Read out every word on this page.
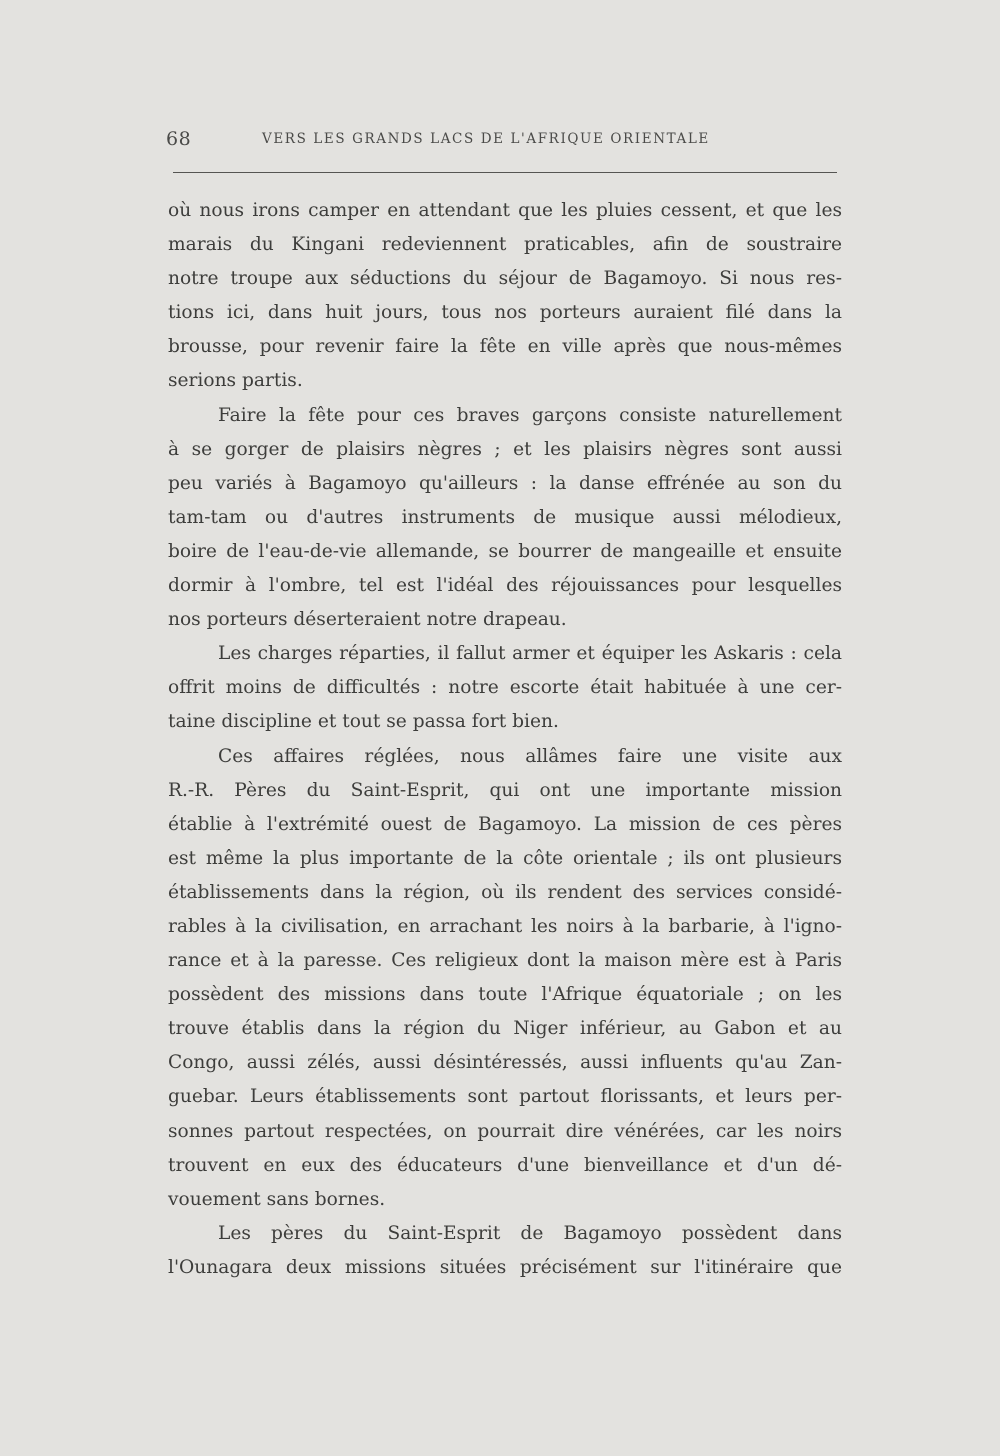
68	VERS LES GRANDS LACS DE L'AFRIQUE ORIENTALE
où nous irons camper en attendant que les pluies cessent, et que les
marais du Kingani redeviennent praticables, afin de soustraire
notre troupe aux séductions du séjour de Bagamoyo. Si nous res-
tions ici, dans huit jours, tous nos porteurs auraient filé dans la
brousse, pour revenir faire la fête en ville après que nous-mêmes
serions partis.
Faire la fête pour ces braves garçons consiste naturellement
à se gorger de plaisirs nègres ; et les plaisirs nègres sont aussi
peu variés à Bagamoyo qu'ailleurs : la danse effrénée au son du
tam-tam ou d'autres instruments de musique aussi mélodieux,
boire de l'eau-de-vie allemande, se bourrer de mangeaille et ensuite
dormir à l'ombre, tel est l'idéal des réjouissances pour lesquelles
nos porteurs déserteraient notre drapeau.
Les charges réparties, il fallut armer et équiper les Askaris : cela
offrit moins de difficultés : notre escorte était habituée à une cer-
taine discipline et tout se passa fort bien.
Ces affaires réglées, nous allâmes faire une visite aux
R.-R. Pères du Saint-Esprit, qui ont une importante mission
établie à l'extrémité ouest de Bagamoyo. La mission de ces pères
est même la plus importante de la côte orientale ; ils ont plusieurs
établissements dans la région, où ils rendent des services considé-
rables à la civilisation, en arrachant les noirs à la barbarie, à l'igno-
rance et à la paresse. Ces religieux dont la maison mère est à Paris
possèdent des missions dans toute l'Afrique équatoriale ; on les
trouve établis dans la région du Niger inférieur, au Gabon et au
Congo, aussi zélés, aussi désintéressés, aussi influents qu'au Zan-
guebar. Leurs établissements sont partout florissants, et leurs per-
sonnes partout respectées, on pourrait dire vénérées, car les noirs
trouvent en eux des éducateurs d'une bienveillance et d'un dé-
vouement sans bornes.
Les pères du Saint-Esprit de Bagamoyo possèdent dans
l'Ounagara deux missions situées précisément sur l'itinéraire que
